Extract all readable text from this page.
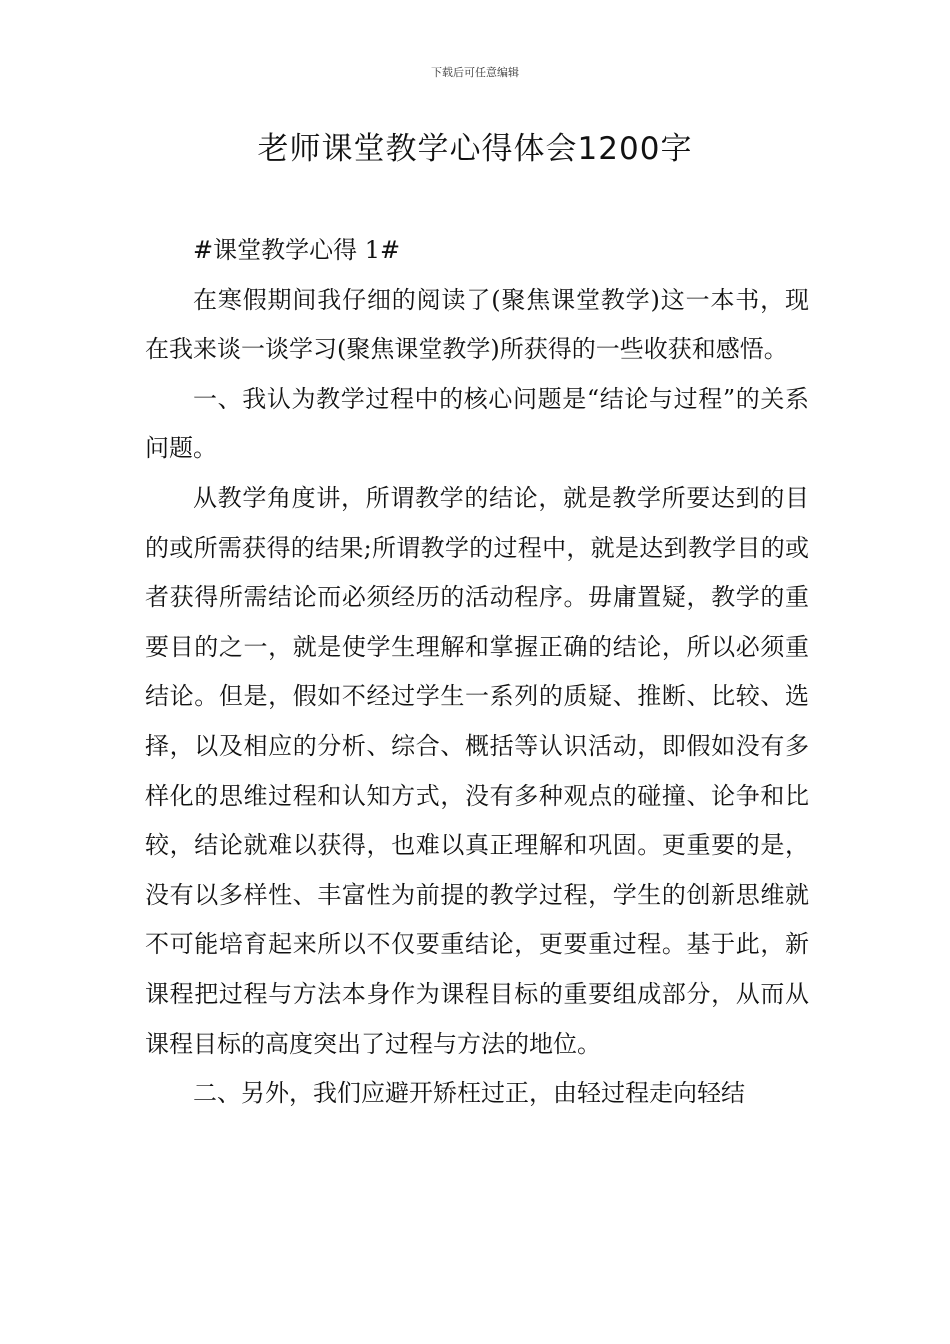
下载后可任意编辑
老师课堂教学心得体会1200字

#课堂教学心得 1#

在寒假期间我仔细的阅读了(聚焦课堂教学)这一本书，现在我来谈一谈学习(聚焦课堂教学)所获得的一些收获和感悟。

一、我认为教学过程中的核心问题是“结论与过程”的关系问题。

从教学角度讲，所谓教学的结论，就是教学所要达到的目的或所需获得的结果;所谓教学的过程中，就是达到教学目的或者获得所需结论而必须经历的活动程序。毋庸置疑，教学的重要目的之一，就是使学生理解和掌握正确的结论，所以必须重结论。但是，假如不经过学生一系列的质疑、推断、比较、选择，以及相应的分析、综合、概括等认识活动，即假如没有多样化的思维过程和认知方式，没有多种观点的碰撞、论争和比较，结论就难以获得，也难以真正理解和巩固。更重要的是，没有以多样性、丰富性为前提的教学过程，学生的创新思维就不可能培育起来所以不仅要重结论，更要重过程。基于此，新课程把过程与方法本身作为课程目标的重要组成部分，从而从课程目标的高度突出了过程与方法的地位。

二、另外，我们应避开矫枉过正，由轻过程走向轻结
